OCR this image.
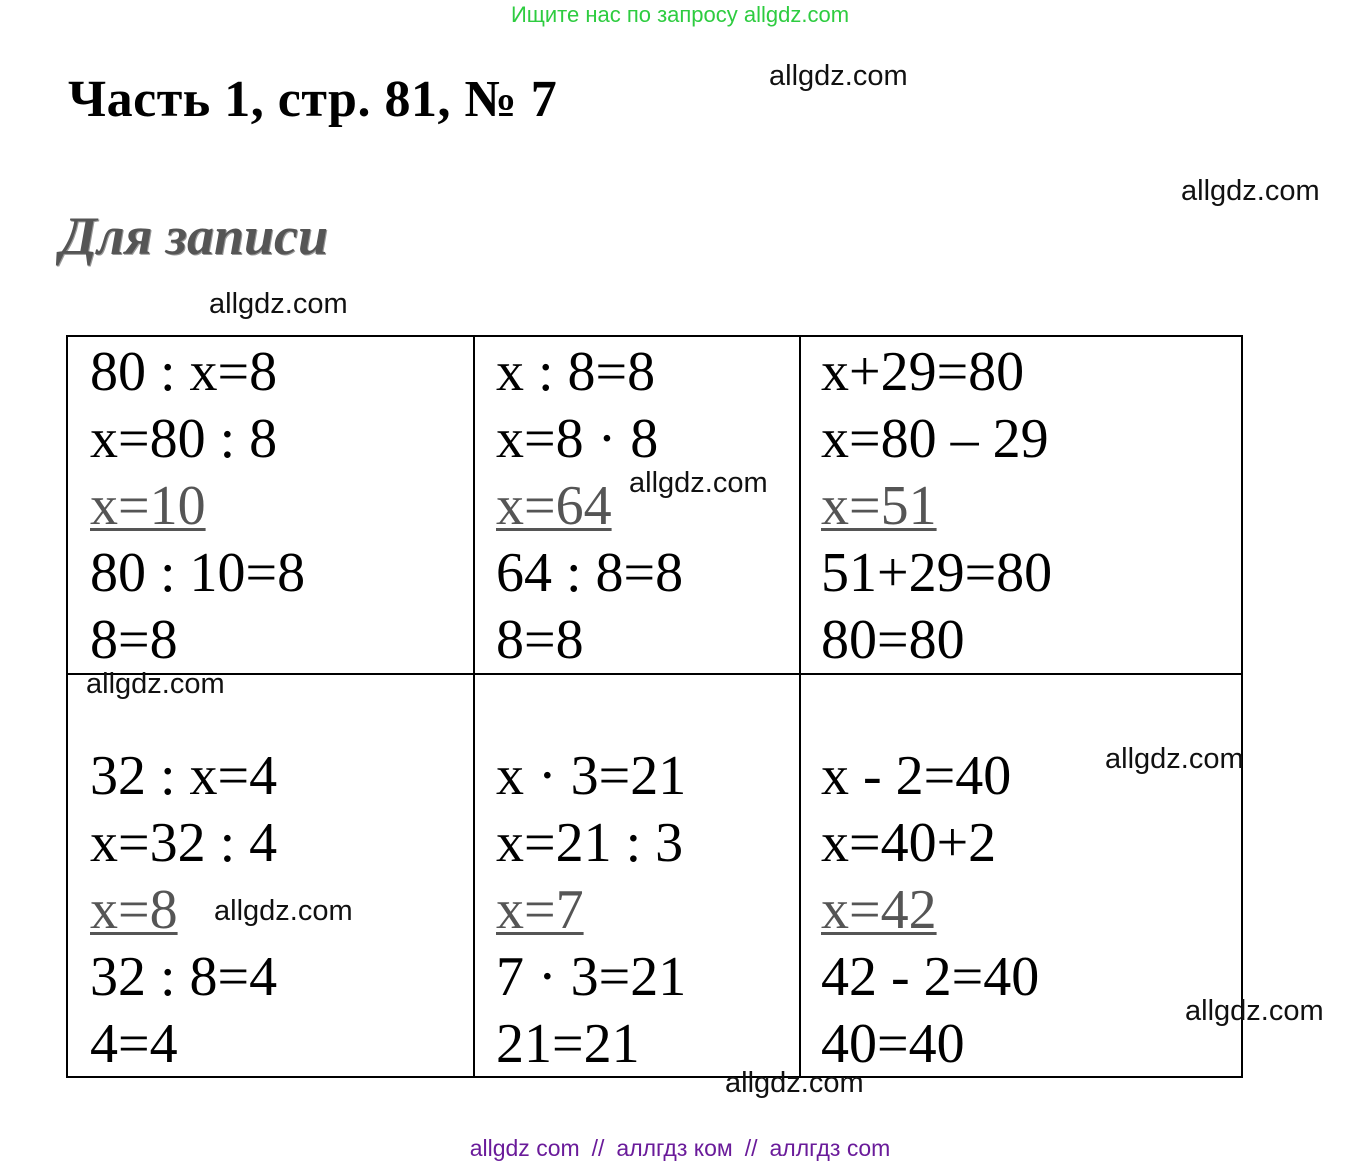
Ищите нас по запросу allgdz.com
Часть 1, стр. 81, № 7
Для записи
allgdz.com
allgdz.com
allgdz.com
80 : x=8
x=80 : 8
x=10
80 : 10=8
8=8
x : 8=8
x=8 · 8
x=64
64 : 8=8
8=8
x+29=80
x=80 – 29
x=51
51+29=80
80=80
32 : x=4
x=32 : 4
x=8
32 : 8=4
4=4
x · 3=21
x=21 : 3
x=7
7 · 3=21
21=21
x - 2=40
x=40+2
x=42
42 - 2=40
40=40
allgdz.com
allgdz.com
allgdz.com
allgdz.com
allgdz.com
allgdz.com
allgdz com // аллгдз ком // аллгдз com
